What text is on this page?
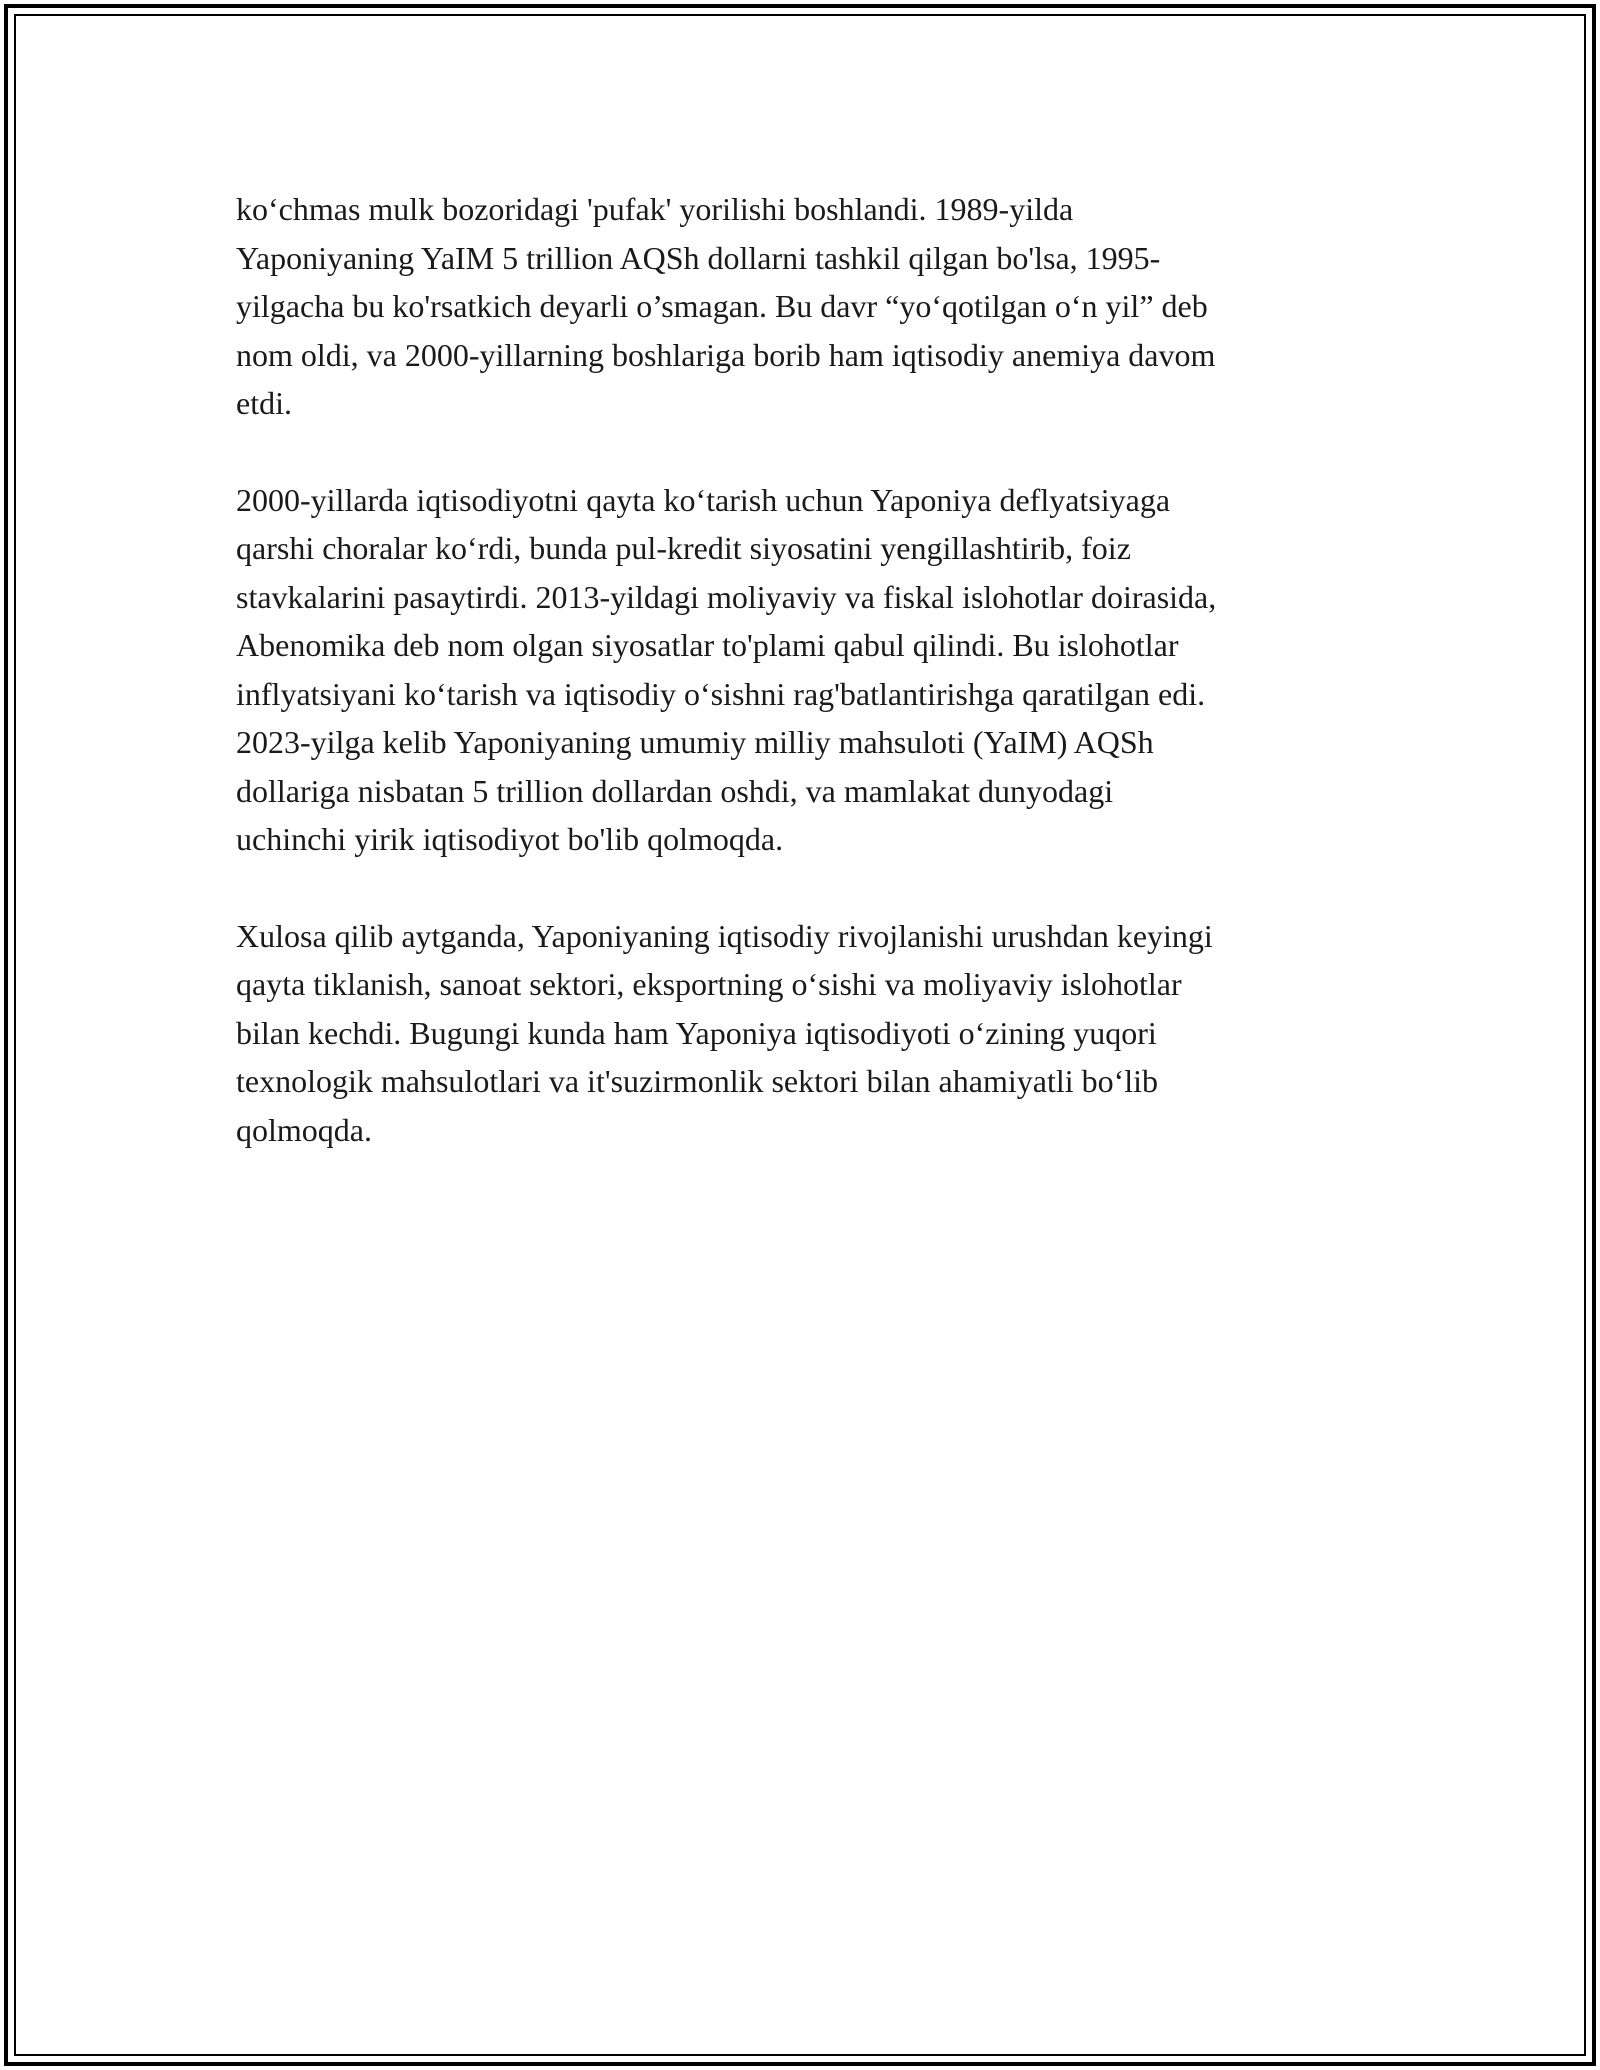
ko‘chmas mulk bozoridagi 'pufak' yorilishi boshlandi. 1989-yilda
Yaponiyaning YaIM 5 trillion AQSh dollarni tashkil qilgan bo'lsa, 1995-
yilgacha bu ko'rsatkich deyarli o’smagan. Bu davr “yo‘qotilgan o‘n yil” deb
nom oldi, va 2000-yillarning boshlariga borib ham iqtisodiy anemiya davom
etdi.

2000-yillarda iqtisodiyotni qayta ko‘tarish uchun Yaponiya deflyatsiyaga
qarshi choralar ko‘rdi, bunda pul-kredit siyosatini yengillashtirib, foiz
stavkalarini pasaytirdi. 2013-yildagi moliyaviy va fiskal islohotlar doirasida,
Abenomika deb nom olgan siyosatlar to'plami qabul qilindi. Bu islohotlar
inflyatsiyani ko‘tarish va iqtisodiy o‘sishni rag'batlantirishga qaratilgan edi.
2023-yilga kelib Yaponiyaning umumiy milliy mahsuloti (YaIM) AQSh
dollariga nisbatan 5 trillion dollardan oshdi, va mamlakat dunyodagi
uchinchi yirik iqtisodiyot bo'lib qolmoqda.

Xulosa qilib aytganda, Yaponiyaning iqtisodiy rivojlanishi urushdan keyingi
qayta tiklanish, sanoat sektori, eksportning o‘sishi va moliyaviy islohotlar
bilan kechdi. Bugungi kunda ham Yaponiya iqtisodiyoti o‘zining yuqori
texnologik mahsulotlari va it'suzirmonlik sektori bilan ahamiyatli bo‘lib
qolmoqda.
